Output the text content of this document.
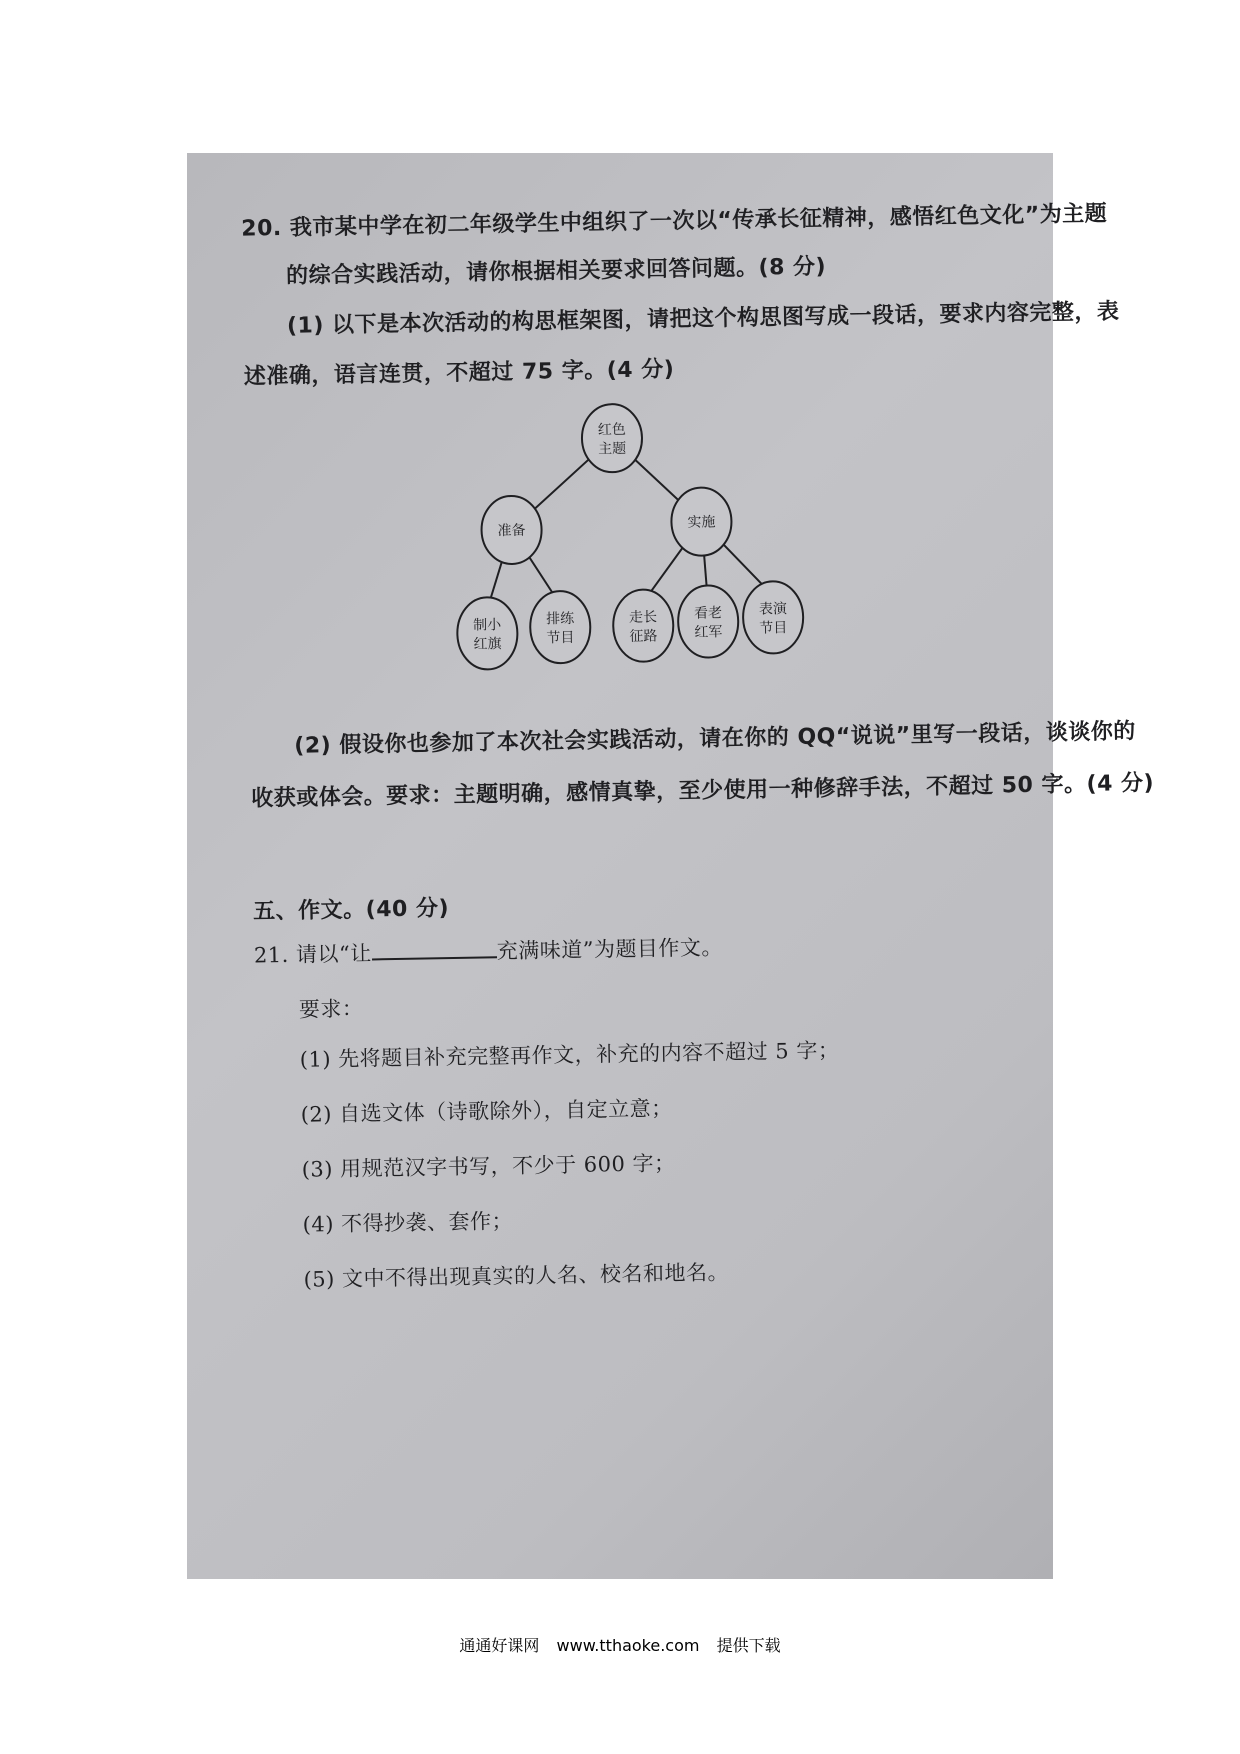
20. 我市某中学在初二年级学生中组织了一次以“传承长征精神，感悟红色文化”为主题
的综合实践活动，请你根据相关要求回答问题。(8 分)
(1) 以下是本次活动的构思框架图，请把这个构思图写成一段话，要求内容完整，表
述准确，语言连贯，不超过 75 字。(4 分)
红色
主题
准备
实施
制小
红旗
排练
节目
走长
征路
看老
红军
表演
节目
(2) 假设你也参加了本次社会实践活动，请在你的 QQ“说说”里写一段话，谈谈你的
收获或体会。要求：主题明确，感情真挚，至少使用一种修辞手法，不超过 50 字。(4 分)
五、作文。(40 分)
21. 请以“让	充满味道”为题目作文。
要求：
(1) 先将题目补充完整再作文，补充的内容不超过 5 字；
(2) 自选文体（诗歌除外），自定立意；
(3) 用规范汉字书写，不少于 600 字；
(4) 不得抄袭、套作；
(5) 文中不得出现真实的人名、校名和地名。
通通好课网 www.tthaoke.com 提供下载
